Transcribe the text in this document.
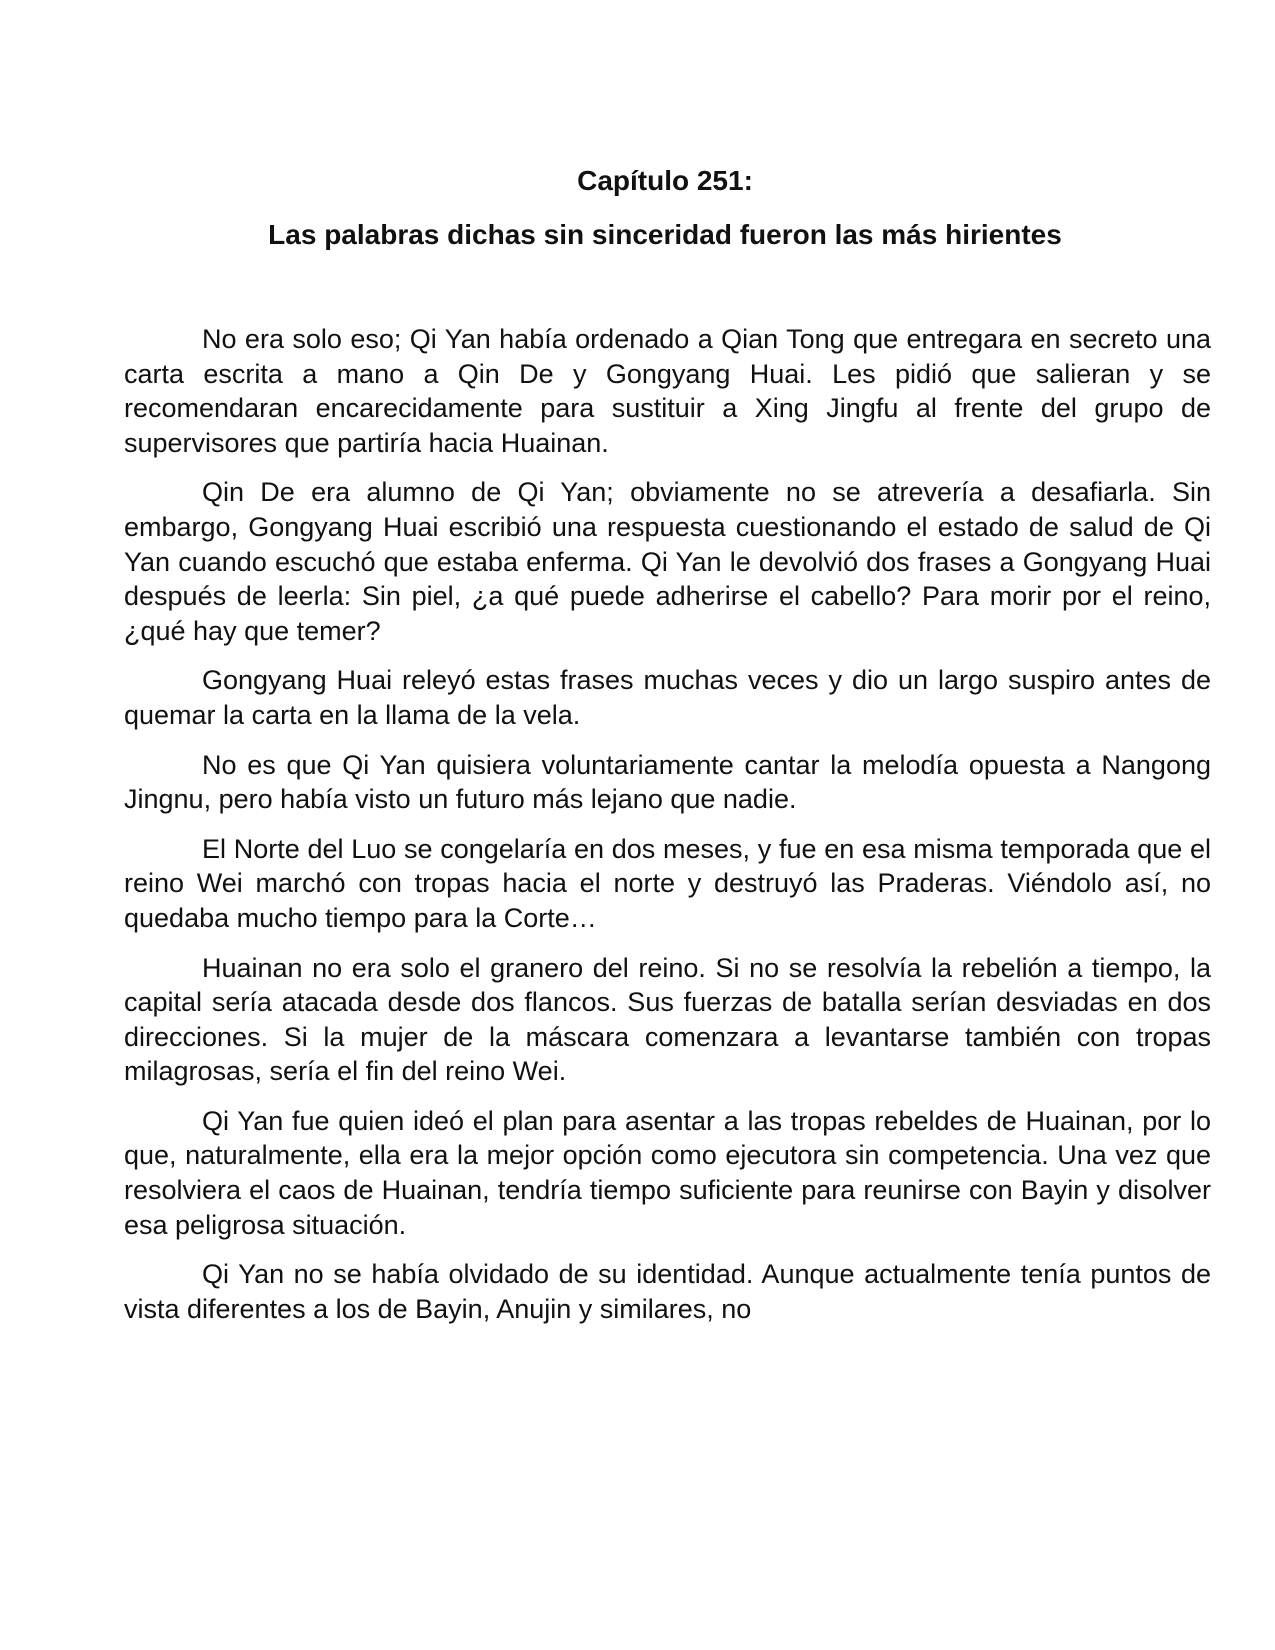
Capítulo 251:
Las palabras dichas sin sinceridad fueron las más hirientes

No era solo eso; Qi Yan había ordenado a Qian Tong que entregara en secreto una carta escrita a mano a Qin De y Gongyang Huai. Les pidió que salieran y se recomendaran encarecidamente para sustituir a Xing Jingfu al frente del grupo de supervisores que partiría hacia Huainan.

Qin De era alumno de Qi Yan; obviamente no se atrevería a desafiarla. Sin embargo, Gongyang Huai escribió una respuesta cuestionando el estado de salud de Qi Yan cuando escuchó que estaba enferma. Qi Yan le devolvió dos frases a Gongyang Huai después de leerla: Sin piel, ¿a qué puede adherirse el cabello? Para morir por el reino, ¿qué hay que temer?

Gongyang Huai releyó estas frases muchas veces y dio un largo suspiro antes de quemar la carta en la llama de la vela.

No es que Qi Yan quisiera voluntariamente cantar la melodía opuesta a Nangong Jingnu, pero había visto un futuro más lejano que nadie.

El Norte del Luo se congelaría en dos meses, y fue en esa misma temporada que el reino Wei marchó con tropas hacia el norte y destruyó las Praderas. Viéndolo así, no quedaba mucho tiempo para la Corte…

Huainan no era solo el granero del reino. Si no se resolvía la rebelión a tiempo, la capital sería atacada desde dos flancos. Sus fuerzas de batalla serían desviadas en dos direcciones. Si la mujer de la máscara comenzara a levantarse también con tropas milagrosas, sería el fin del reino Wei.

Qi Yan fue quien ideó el plan para asentar a las tropas rebeldes de Huainan, por lo que, naturalmente, ella era la mejor opción como ejecutora sin competencia. Una vez que resolviera el caos de Huainan, tendría tiempo suficiente para reunirse con Bayin y disolver esa peligrosa situación.

Qi Yan no se había olvidado de su identidad. Aunque actualmente tenía puntos de vista diferentes a los de Bayin, Anujin y similares, no
